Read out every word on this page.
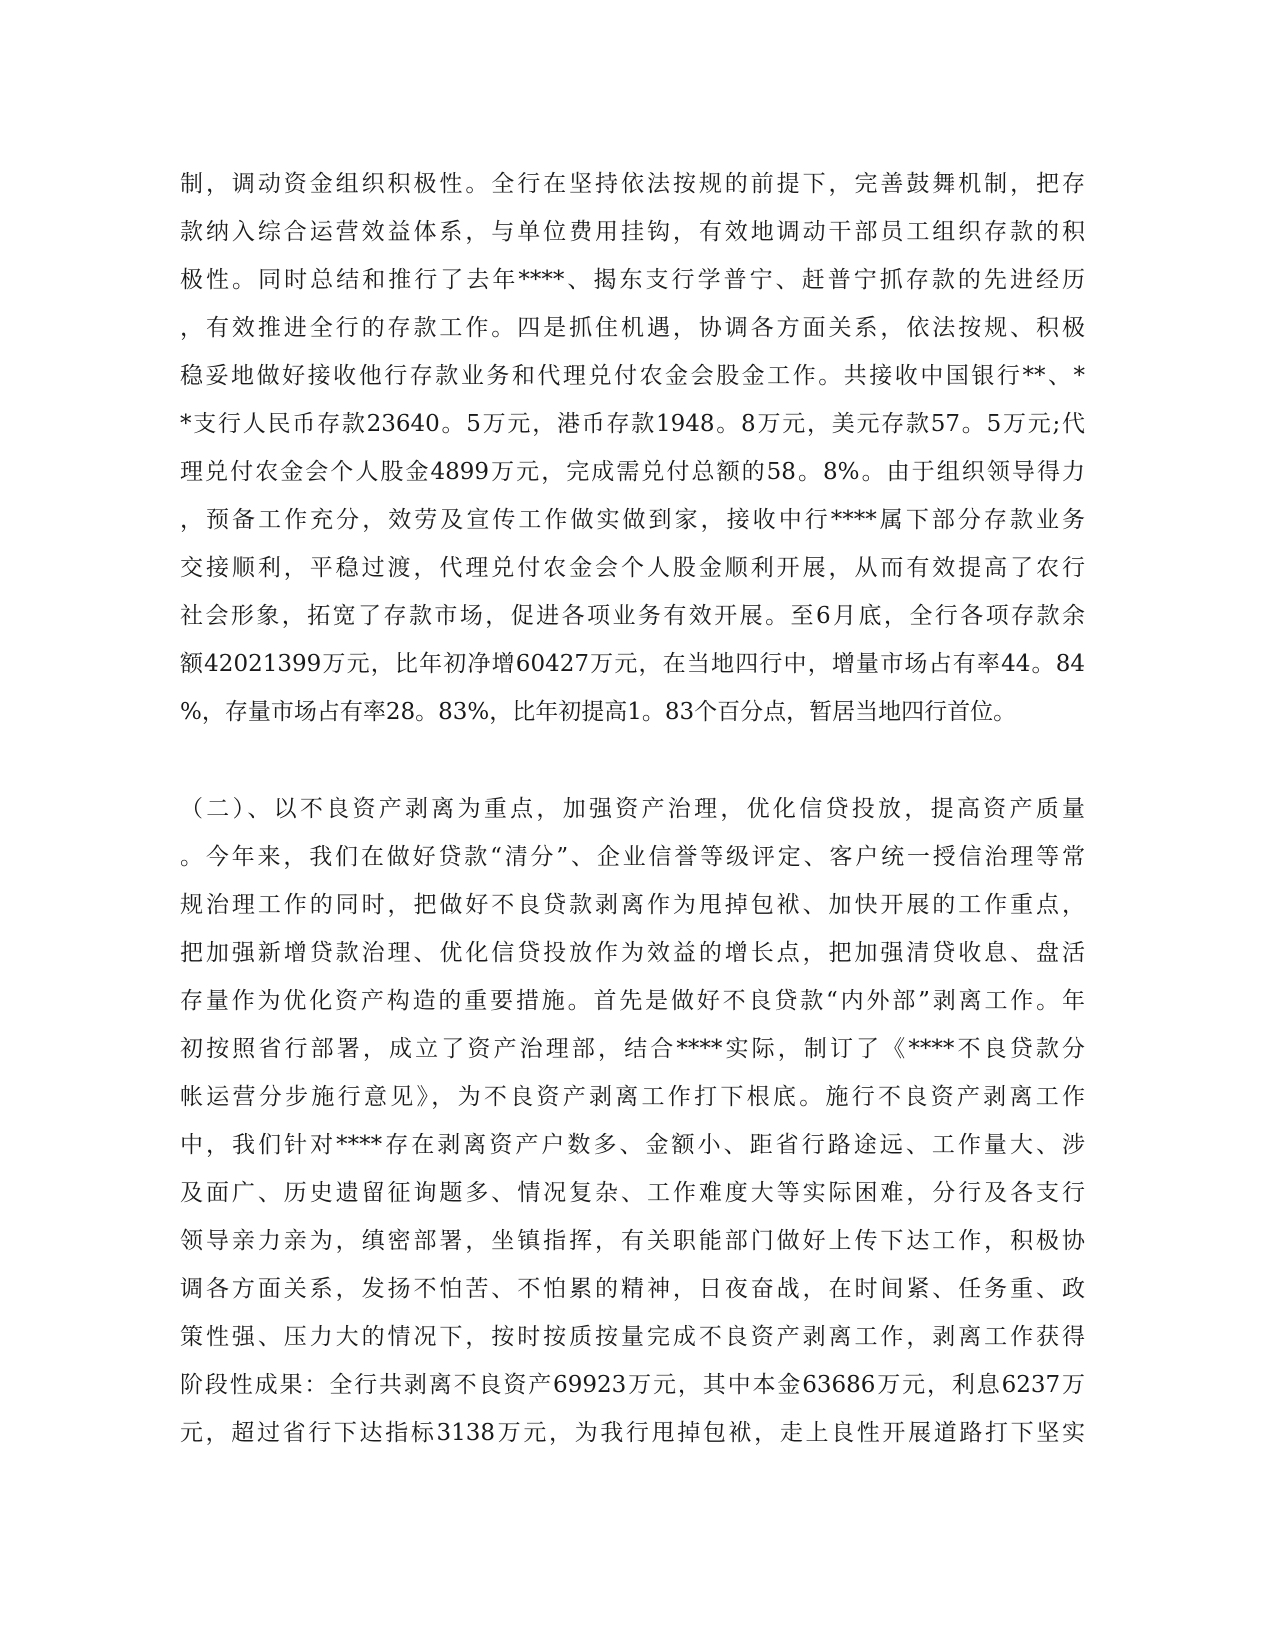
制，调动资金组织积极性。全行在坚持依法按规的前提下，完善鼓舞机制，把存
款纳入综合运营效益体系，与单位费用挂钩，有效地调动干部员工组织存款的积
极性。同时总结和推行了去年****、揭东支行学普宁、赶普宁抓存款的先进经历
，有效推进全行的存款工作。四是抓住机遇，协调各方面关系，依法按规、积极
稳妥地做好接收他行存款业务和代理兑付农金会股金工作。共接收中国银行**、*
*支行人民币存款23640。5万元，港币存款1948。8万元，美元存款57。5万元;代
理兑付农金会个人股金4899万元，完成需兑付总额的58。8%。由于组织领导得力
，预备工作充分，效劳及宣传工作做实做到家，接收中行****属下部分存款业务
交接顺利，平稳过渡，代理兑付农金会个人股金顺利开展，从而有效提高了农行
社会形象，拓宽了存款市场，促进各项业务有效开展。至6月底，全行各项存款余
额42021399万元，比年初净增60427万元，在当地四行中，增量市场占有率44。84
%，存量市场占有率28。83%，比年初提高1。83个百分点，暂居当地四行首位。
（二）、以不良资产剥离为重点，加强资产治理，优化信贷投放，提高资产质量
。今年来，我们在做好贷款“清分”、企业信誉等级评定、客户统一授信治理等常
规治理工作的同时，把做好不良贷款剥离作为甩掉包袱、加快开展的工作重点，
把加强新增贷款治理、优化信贷投放作为效益的增长点，把加强清贷收息、盘活
存量作为优化资产构造的重要措施。首先是做好不良贷款“内外部”剥离工作。年
初按照省行部署，成立了资产治理部，结合****实际，制订了《****不良贷款分
帐运营分步施行意见》，为不良资产剥离工作打下根底。施行不良资产剥离工作
中，我们针对****存在剥离资产户数多、金额小、距省行路途远、工作量大、涉
及面广、历史遗留征询题多、情况复杂、工作难度大等实际困难，分行及各支行
领导亲力亲为，缜密部署，坐镇指挥，有关职能部门做好上传下达工作，积极协
调各方面关系，发扬不怕苦、不怕累的精神，日夜奋战，在时间紧、任务重、政
策性强、压力大的情况下，按时按质按量完成不良资产剥离工作，剥离工作获得
阶段性成果：全行共剥离不良资产69923万元，其中本金63686万元，利息6237万
元，超过省行下达指标3138万元，为我行甩掉包袱，走上良性开展道路打下坚实
